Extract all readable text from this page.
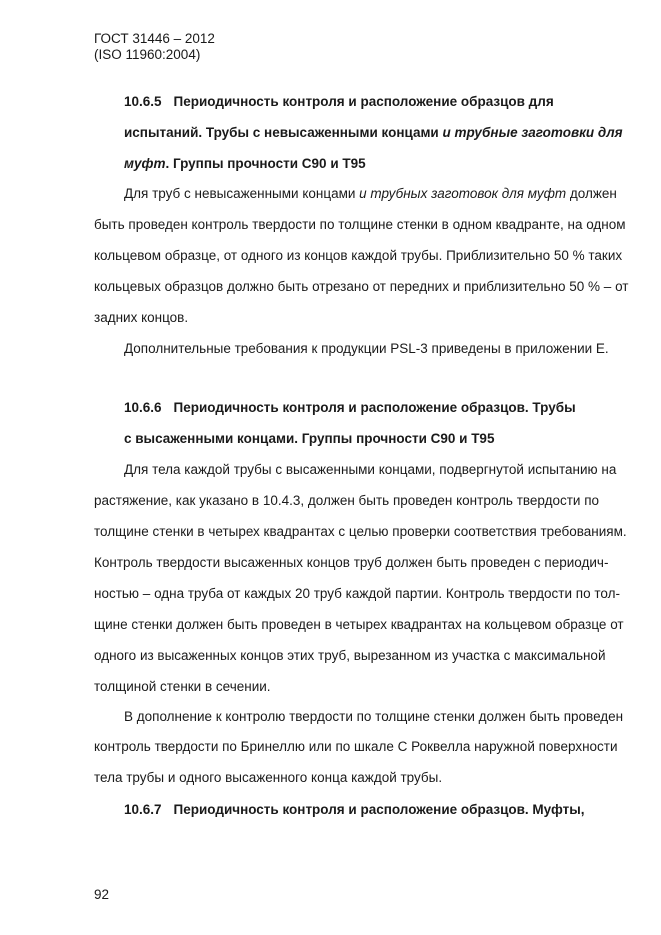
ГОСТ 31446 – 2012
(ISO 11960:2004)
10.6.5 Периодичность контроля и расположение образцов для
испытаний. Трубы с невысаженными концами и трубные заготовки для
муфт. Группы прочности С90 и Т95
Для труб с невысаженными концами и трубных заготовок для муфт должен
быть проведен контроль твердости по толщине стенки в одном квадранте, на одном
кольцевом образце, от одного из концов каждой трубы. Приблизительно 50 % таких
кольцевых образцов должно быть отрезано от передних и приблизительно 50 % – от
задних концов.
Дополнительные требования к продукции PSL-3 приведены в приложении Е.
10.6.6 Периодичность контроля и расположение образцов. Трубы
с высаженными концами. Группы прочности С90 и Т95
Для тела каждой трубы с высаженными концами, подвергнутой испытанию на
растяжение, как указано в 10.4.3, должен быть проведен контроль твердости по
толщине стенки в четырех квадрантах с целью проверки соответствия требованиям.
Контроль твердости высаженных концов труб должен быть проведен с периодич-
ностью – одна труба от каждых 20 труб каждой партии. Контроль твердости по тол-
щине стенки должен быть проведен в четырех квадрантах на кольцевом образце от
одного из высаженных концов этих труб, вырезанном из участка с максимальной
толщиной стенки в сечении.
В дополнение к контролю твердости по толщине стенки должен быть проведен
контроль твердости по Бринеллю или по шкале С Роквелла наружной поверхности
тела трубы и одного высаженного конца каждой трубы.
10.6.7 Периодичность контроля и расположение образцов. Муфты,
92
